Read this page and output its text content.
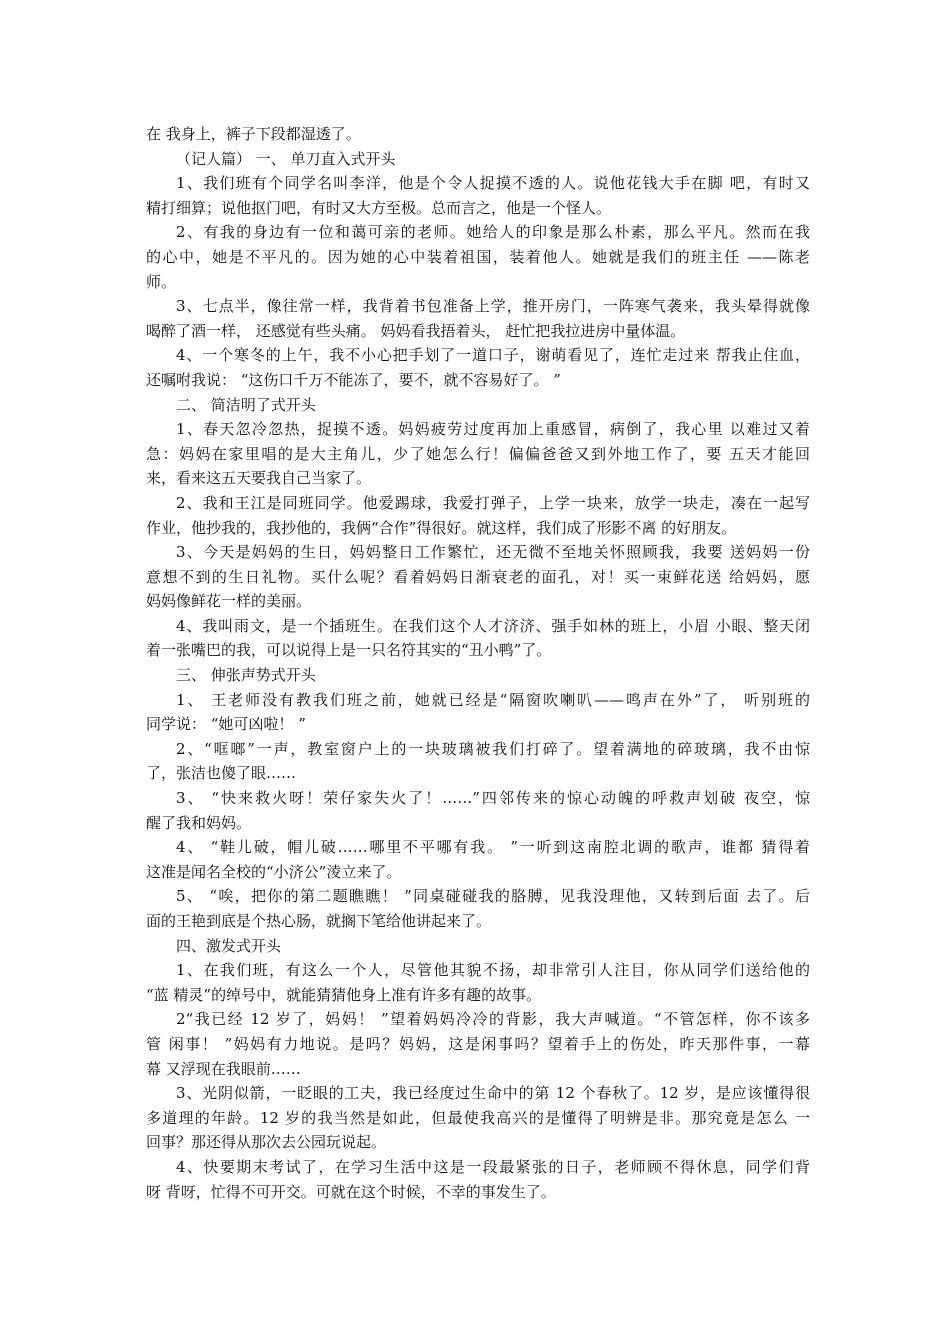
在 我身上，裤子下段都湿透了。

（记人篇） 一、 单刀直入式开头

1、我们班有个同学名叫李洋，他是个令人捉摸不透的人。说他花钱大手在脚 吧，有时又

精打细算；说他抠门吧，有时又大方至极。总而言之，他是一个怪人。

2、有我的身边有一位和蔼可亲的老师。她给人的印象是那么朴素，那么平凡。然而在我

的心中，她是不平凡的。因为她的心中装着祖国，装着他人。她就是我们的班主任 ——陈老

师。

3、七点半，像往常一样，我背着书包准备上学，推开房门，一阵寒气袭来，我头晕得就像

喝醉了酒一样， 还感觉有些头痛。 妈妈看我捂着头， 赶忙把我拉进房中量体温。

4、一个寒冬的上午，我不小心把手划了一道口子，谢萌看见了，连忙走过来 帮我止住血，

还嘱咐我说： “这伤口千万不能冻了，要不，就不容易好了。 ”

二、 简洁明了式开头

1、春天忽冷忽热，捉摸不透。妈妈疲劳过度再加上重感冒，病倒了，我心里 以难过又着

急：妈妈在家里唱的是大主角儿，少了她怎么行！偏偏爸爸又到外地工作了，要 五天才能回

来，看来这五天要我自己当家了。

2、我和王江是同班同学。他爱踢球，我爱打弹子，上学一块来，放学一块走，凑在一起写

作业，他抄我的，我抄他的，我俩“合作”得很好。就这样，我们成了形影不离 的好朋友。

3、今天是妈妈的生日，妈妈整日工作繁忙，还无微不至地关怀照顾我，我要 送妈妈一份

意想不到的生日礼物。买什么呢？看着妈妈日渐衰老的面孔，对！买一束鲜花送 给妈妈，愿

妈妈像鲜花一样的美丽。

4、我叫雨文，是一个插班生。在我们这个人才济济、强手如林的班上，小眉 小眼、整天闭

着一张嘴巴的我，可以说得上是一只名符其实的“丑小鸭”了。

三、 伸张声势式开头

1、 王老师没有教我们班之前，她就已经是“隔窗吹喇叭——鸣声在外”了， 听别班的

同学说： “她可凶啦！ ”

2、“哐啷”一声，教室窗户上的一块玻璃被我们打碎了。望着满地的碎玻璃，我不由惊

了，张洁也傻了眼……

3、 “快来救火呀！荣仔家失火了！……”四邻传来的惊心动魄的呼救声划破 夜空，惊

醒了我和妈妈。

4、 “鞋儿破，帽儿破……哪里不平哪有我。 ”一听到这南腔北调的歌声，谁都 猜得着

这准是闻名全校的“小济公”淩立来了。

5、 “唉，把你的第二题瞧瞧！ ”同桌碰碰我的胳膊，见我没理他，又转到后面 去了。后

面的王艳到底是个热心肠，就搁下笔给他讲起来了。

四、激发式开头

1、在我们班，有这么一个人，尽管他其貌不扬，却非常引人注目，你从同学们送给他的

“蓝 精灵”的绰号中，就能猜猜他身上准有许多有趣的故事。

2“我已经 12 岁了，妈妈！ ”望着妈妈冷冷的背影，我大声喊道。“不管怎样，你不该多

管 闲事！ ”妈妈有力地说。是吗？妈妈，这是闲事吗？望着手上的伤处，昨天那件事，一幕

幕 又浮现在我眼前……

3、光阴似箭，一眨眼的工夫，我已经度过生命中的第 12 个春秋了。12 岁，是应该懂得很

多道理的年龄。12 岁的我当然是如此，但最使我高兴的是懂得了明辨是非。那究竟是怎么 一

回事？那还得从那次去公园玩说起。

4、快要期末考试了，在学习生活中这是一段最紧张的日子，老师顾不得休息，同学们背

呀 背呀，忙得不可开交。可就在这个时候，不幸的事发生了。
